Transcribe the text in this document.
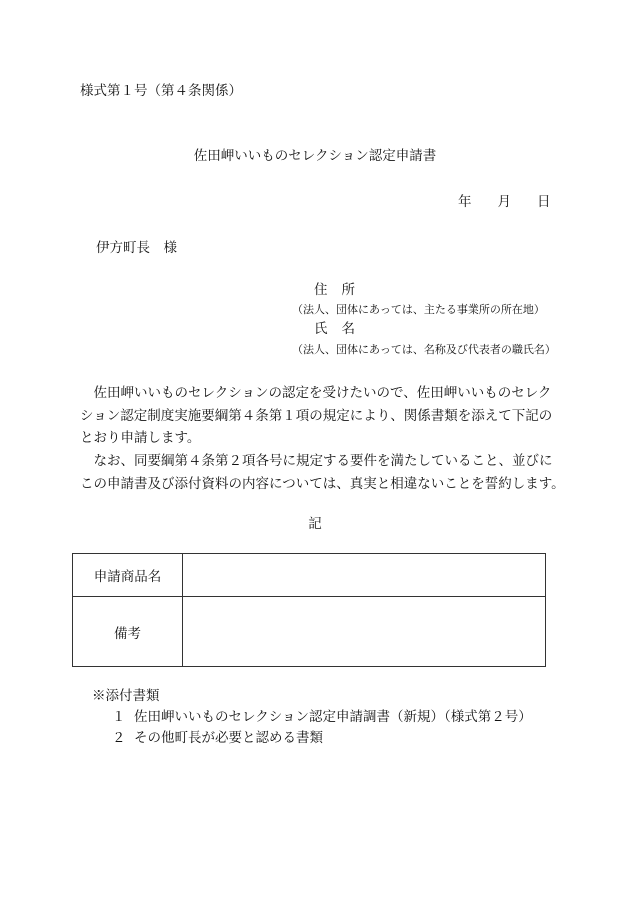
様式第１号（第４条関係）
佐田岬いいものセレクション認定申請書
年 月 日
伊方町長　様
住 所
（法人、団体にあっては、主たる事業所の所在地）
氏 名
（法人、団体にあっては、名称及び代表者の職氏名）
　佐田岬いいものセレクションの認定を受けたいので、佐田岬いいものセレク
ション認定制度実施要綱第４条第１項の規定により、関係書類を添えて下記の
とおり申請します。
　なお、同要綱第４条第２項各号に規定する要件を満たしていること、並びに
この申請書及び添付資料の内容については、真実と相違ないことを誓約します。
記
申請商品名	
備考	
※添付書類
１ 佐田岬いいものセレクション認定申請調書（新規）（様式第２号）
２ その他町長が必要と認める書類
